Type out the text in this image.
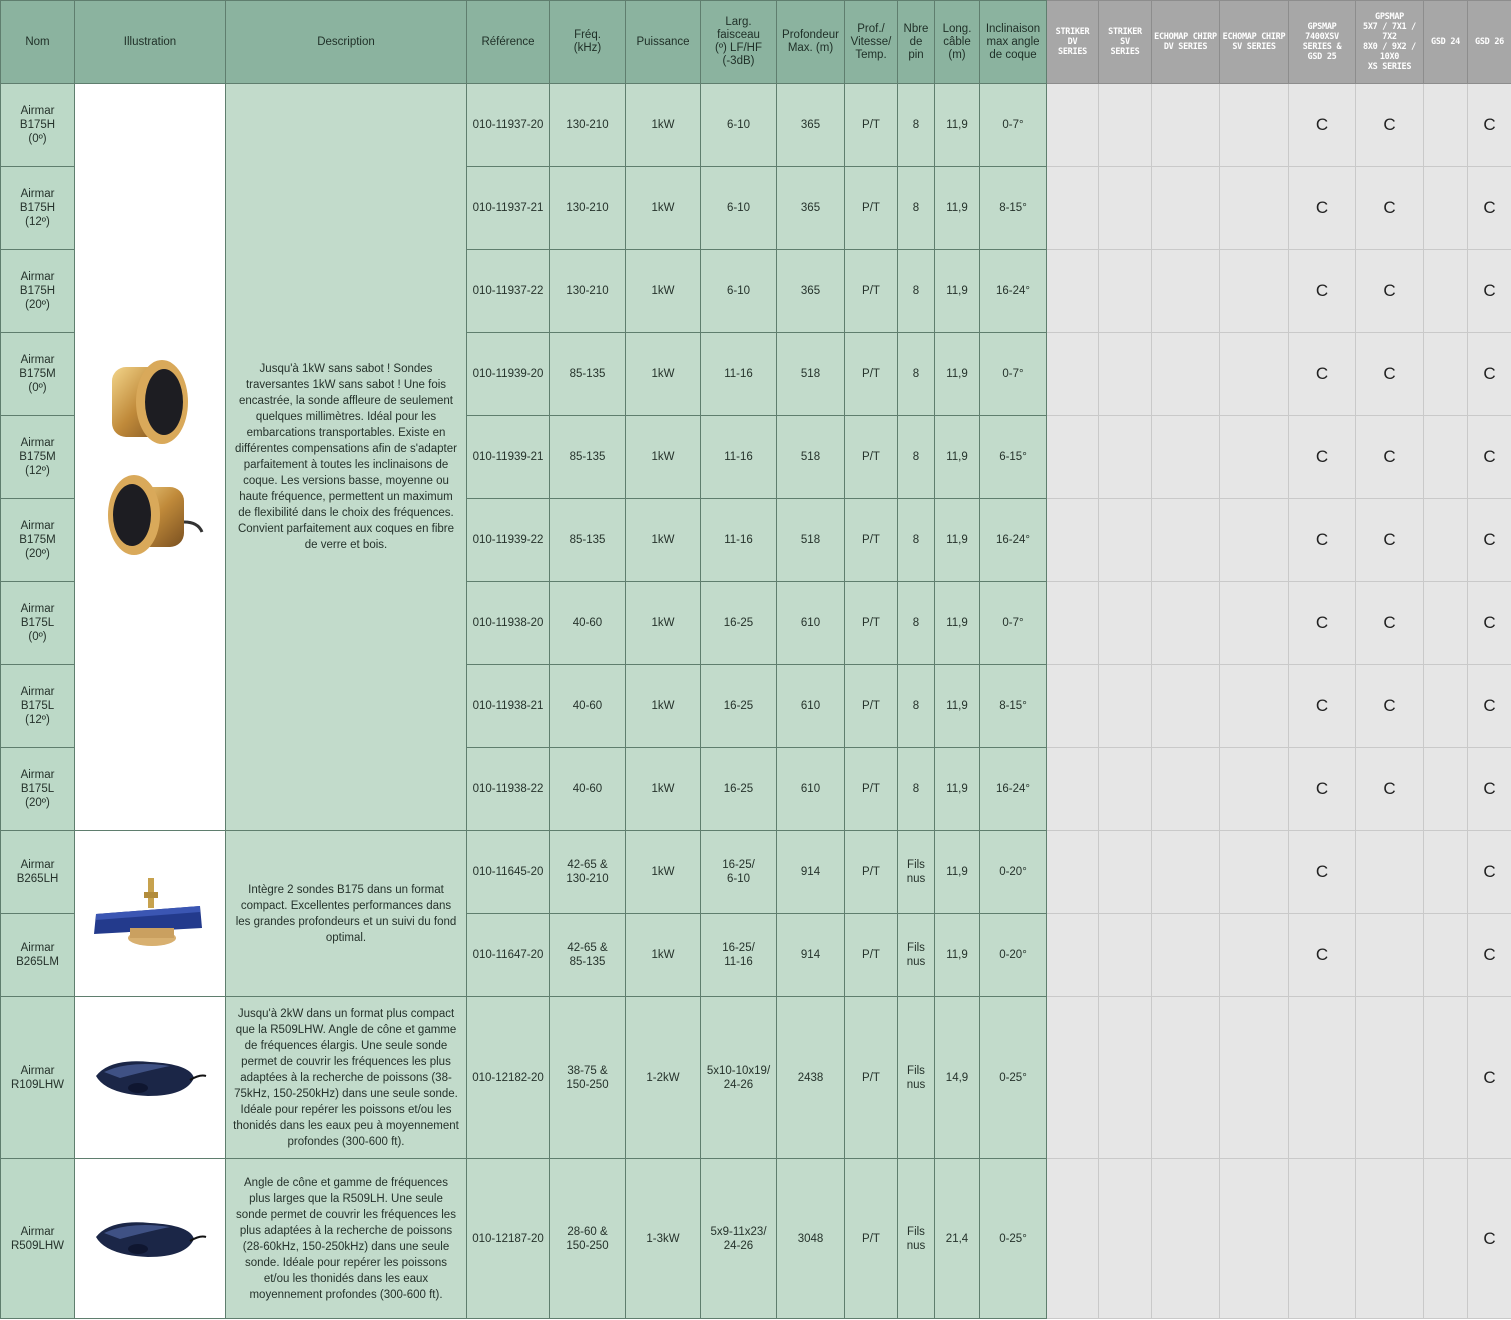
Nom	Illustration	Description	Référence	Fréq.
(kHz)	Puissance	Larg.
faisceau
(º) LF/HF
(-3dB)	Profondeur
Max. (m)	Prof./
Vitesse/
Temp.	Nbre
de
pin	Long.
câble
(m)	Inclinaison
max angle
de coque	STRIKER DV
SERIES	STRIKER SV
SERIES	ECHOMAP CHIRP
DV SERIES	ECHOMAP CHIRP
SV SERIES	GPSMAP
7400XSV
SERIES &
GSD 25	GPSMAP
5X7 / 7X1 / 7X2
8X0 / 9X2 / 10X0
XS SERIES	GSD 24	GSD 26
Airmar B175H
(0º)		Jusqu'à 1kW sans sabot ! Sondes traversantes 1kW sans sabot ! Une fois encastrée, la sonde affleure de seulement quelques millimètres. Idéal pour les embarcations transportables. Existe en différentes compensations afin de s'adapter parfaitement à toutes les inclinaisons de coque. Les versions basse, moyenne ou haute fréquence, permettent un maximum de flexibilité dans le choix des fréquences. Convient parfaitement aux coques en fibre de verre et bois.	010-11937-20	130-210	1kW	6-10	365	P/T	8	11,9	0-7°					C	C		C
Airmar B175H
(12º)			010-11937-21	130-210	1kW	6-10	365	P/T	8	11,9	8-15°					C	C		C
Airmar B175H
(20º)			010-11937-22	130-210	1kW	6-10	365	P/T	8	11,9	16-24°					C	C		C
Airmar B175M
(0º)			010-11939-20	85-135	1kW	11-16	518	P/T	8	11,9	0-7°					C	C		C
Airmar B175M
(12º)			010-11939-21	85-135	1kW	11-16	518	P/T	8	11,9	6-15°					C	C		C
Airmar B175M
(20º)			010-11939-22	85-135	1kW	11-16	518	P/T	8	11,9	16-24°					C	C		C
Airmar B175L
(0º)			010-11938-20	40-60	1kW	16-25	610	P/T	8	11,9	0-7°					C	C		C
Airmar B175L
(12º)			010-11938-21	40-60	1kW	16-25	610	P/T	8	11,9	8-15°					C	C		C
Airmar B175L
(20º)			010-11938-22	40-60	1kW	16-25	610	P/T	8	11,9	16-24°					C	C		C
Airmar
B265LH		Intègre 2 sondes B175 dans un format compact. Excellentes performances dans les grandes profondeurs et un suivi du fond optimal.	010-11645-20	42-65 &
130-210	1kW	16-25/
6-10	914	P/T	Fils
nus	11,9	0-20°					C			C
Airmar
B265LM			010-11647-20	42-65 &
85-135	1kW	16-25/
11-16	914	P/T	Fils
nus	11,9	0-20°					C			C
Airmar
R109LHW		Jusqu'à 2kW dans un format plus compact que la R509LHW. Angle de cône et gamme de fréquences élargis. Une seule sonde permet de couvrir les fréquences les plus adaptées à la recherche de poissons (38-75kHz, 150-250kHz) dans une seule sonde. Idéale pour repérer les poissons et/ou les thonidés dans les eaux peu à moyennement profondes (300-600 ft).	010-12182-20	38-75 &
150-250	1-2kW	5x10-10x19/
24-26	2438	P/T	Fils
nus	14,9	0-25°								C
Airmar
R509LHW		Angle de cône et gamme de fréquences plus larges que la R509LH. Une seule sonde permet de couvrir les fréquences les plus adaptées à la recherche de poissons (28-60kHz, 150-250kHz) dans une seule sonde. Idéale pour repérer les poissons et/ou les thonidés dans les eaux moyennement profondes (300-600 ft).	010-12187-20	28-60 &
150-250	1-3kW	5x9-11x23/
24-26	3048	P/T	Fils
nus	21,4	0-25°								C
